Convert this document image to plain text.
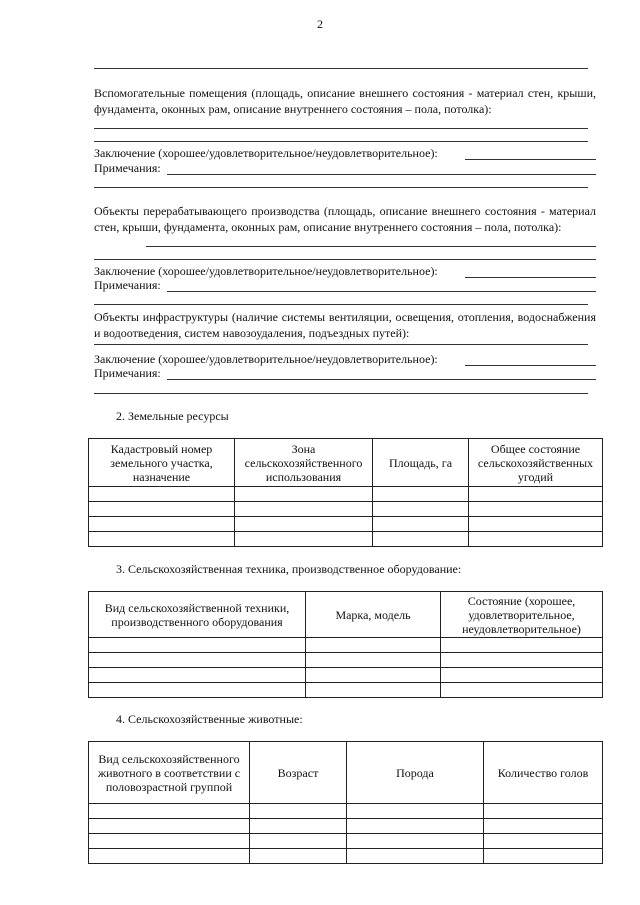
2
Вспомогательные помещения (площадь, описание внешнего состояния - материал стен, крыши, фундамента, оконных рам, описание внутреннего состояния – пола, потолка):
Заключение (хорошее/удовлетворительное/неудовлетворительное):
Примечания:
Объекты перерабатывающего производства (площадь, описание внешнего состояния - материал стен, крыши, фундамента, оконных рам, описание внутреннего состояния – пола, потолка):
Заключение (хорошее/удовлетворительное/неудовлетворительное):
Примечания:
Объекты инфраструктуры (наличие системы вентиляции, освещения, отопления, водоснабжения и водоотведения, систем навозоудаления, подъездных путей):
Заключение (хорошее/удовлетворительное/неудовлетворительное):
Примечания:
2. Земельные ресурсы
Кадастровый номер земельного участка, назначение	Зона сельскохозяйственного использования	Площадь, га	Общее состояние сельскохозяйственных угодий

3. Сельскохозяйственная техника, производственное оборудование:
Вид сельскохозяйственной техники, производственного оборудования	Марка, модель	Состояние (хорошее, удовлетворительное, неудовлетворительное)

4. Сельскохозяйственные животные:
Вид сельскохозяйственного животного в соответствии с половозрастной группой	Возраст	Порода	Количество голов
